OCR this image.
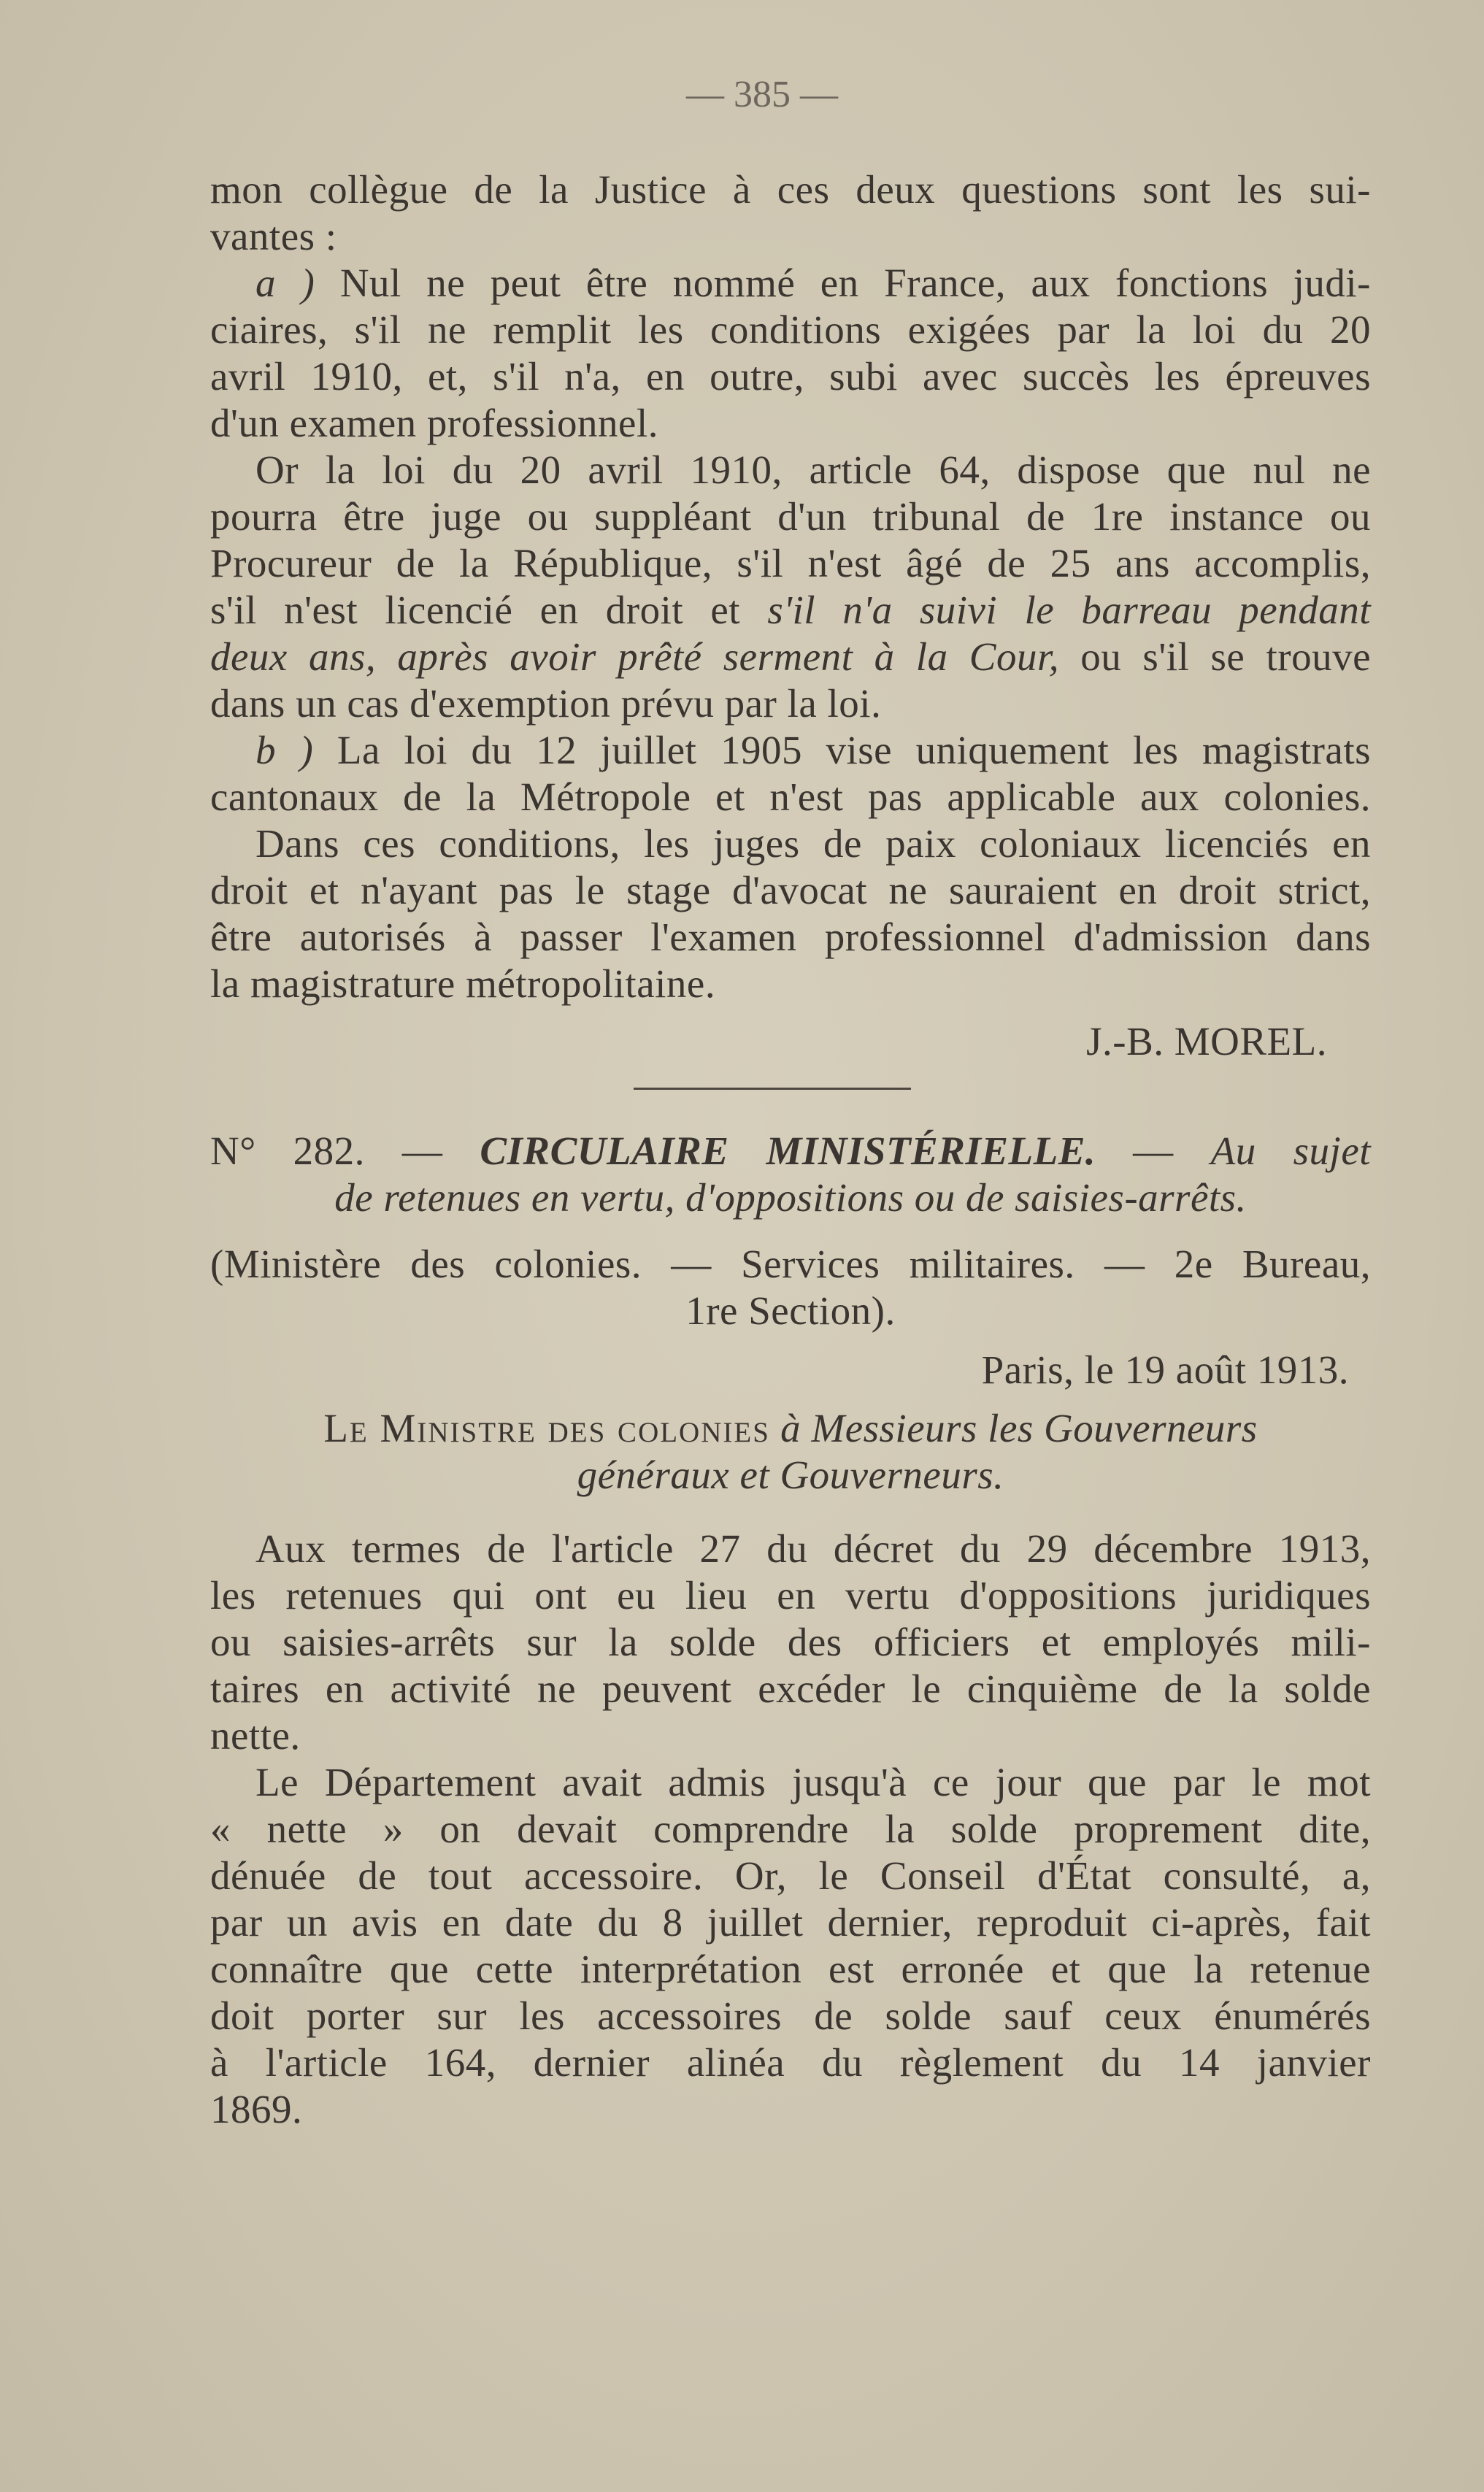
— 385 —
mon collègue de la Justice à ces deux questions sont les sui-
vantes :
a ) Nul ne peut être nommé en France, aux fonctions judi-
ciaires, s'il ne remplit les conditions exigées par la loi du 20
avril 1910, et, s'il n'a, en outre, subi avec succès les épreuves
d'un examen professionnel.
Or la loi du 20 avril 1910, article 64, dispose que nul ne
pourra être juge ou suppléant d'un tribunal de 1re instance ou
Procureur de la République, s'il n'est âgé de 25 ans accomplis,
s'il n'est licencié en droit et s'il n'a suivi le barreau pendant
deux ans, après avoir prêté serment à la Cour, ou s'il se trouve
dans un cas d'exemption prévu par la loi.
b ) La loi du 12 juillet 1905 vise uniquement les magistrats
cantonaux de la Métropole et n'est pas applicable aux colonies.
Dans ces conditions, les juges de paix coloniaux licenciés en
droit et n'ayant pas le stage d'avocat ne sauraient en droit strict,
être autorisés à passer l'examen professionnel d'admission dans
la magistrature métropolitaine.
J.-B. MOREL.
N° 282. — CIRCULAIRE MINISTÉRIELLE. — Au sujet
de retenues en vertu, d'oppositions ou de saisies-arrêts.
(Ministère des colonies. — Services militaires. — 2e Bureau,
1re Section).
Paris, le 19 août 1913.
Le Ministre des colonies à Messieurs les Gouverneurs
généraux et Gouverneurs.
Aux termes de l'article 27 du décret du 29 décembre 1913,
les retenues qui ont eu lieu en vertu d'oppositions juridiques
ou saisies-arrêts sur la solde des officiers et employés mili-
taires en activité ne peuvent excéder le cinquième de la solde
nette.
Le Département avait admis jusqu'à ce jour que par le mot
« nette » on devait comprendre la solde proprement dite,
dénuée de tout accessoire. Or, le Conseil d'État consulté, a,
par un avis en date du 8 juillet dernier, reproduit ci-après, fait
connaître que cette interprétation est erronée et que la retenue
doit porter sur les accessoires de solde sauf ceux énumérés
à l'article 164, dernier alinéa du règlement du 14 janvier
1869.
